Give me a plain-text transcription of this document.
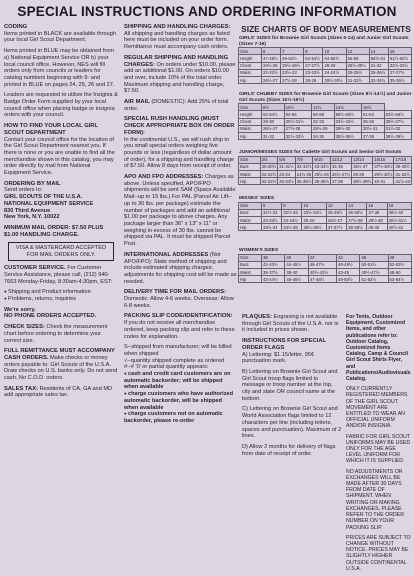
SPECIAL INSTRUCTIONS AND ORDERING INFORMATION
CODING

Items printed in BLACK are available through your local Girl Scout Department.

Items printed in BLUE may be obtained from a) National Equipment Service OR b) your local council office. However, NES will fill orders only from councils or leaders for catalog numbers beginning with 9- and printed in BLUE on pages 24, 25, 26 and 27.

Leaders are requested to utilize the Insignia & Badge Order Form supplied by your local council office when placing badge or insignia orders with your council.

HOW TO FIND YOUR LOCAL GIRL SCOUT DEPARTMENT

Contact your council office for the location of the Girl Scout Department nearest you. If there is none or you are unable to find all the merchandise shown in this catalog, you may order directly by mail from National Equipment Service.

ORDERING BY MAIL
Send orders to:
GIRL SCOUTS OF THE U.S.A.
NATIONAL EQUIPMENT SERVICE
830 Third Avenue

New York, N.Y. 10022

MINIMUM MAIL ORDER: $7.50 PLUS $1.00 HANDLING CHARGE.

VISA & MASTERCARD ACCEPTED FOR MAIL ORDERS ONLY.

CUSTOMER SERVICE. For Customer Service Assistance, please call, (212) 940-7663 Monday-Friday, 8:30am-4:30pm, EST:

● Shipping and Product information

● Problems, returns, inquiries

We're sorry,

NO PHONE ORDERS ACCEPTED.

CHECK SIZES: Check the measurement chart before ordering to determine your correct size.

FULL REMITTANCE MUST ACCOMPANY CASH ORDERS. Make checks or money orders payable to: Girl Scouts of the U.S.A. Draw checks on U.S. banks only. Do not send cash. No C.O.D. orders.

SALES TAX: Residents of CA, GA and MD add appropriate sales tax.

SHIPPING AND HANDLING CHARGES:

All shipping and handling charges as listed here must be included on your order form. Remittance must accompany cash orders.

REGULAR SHIPPING AND HANDLING CHARGES: On orders under $10.00, please add an additional $1.00. On orders $10.00 and over, include 10% of the total order. Maximum shipping and handling charge, $7.50.

AIR MAIL (DOMESTIC): Add 25% of total order.

SPECIAL RUSH HANDLING (MUST CHECK APPROPRIATE BOX ON ORDER FORM):

In the continental U.S., we will rush ship to you small special orders weighing five pounds or less (regardless of dollar amount of order), for a shipping and handling charge of $7.50. Allow 8 days from receipt of order.

APO AND FPO ADDRESSES: Charges as above. Unless specified, APO/FPO shipments will be sent SAM (Space Available Mail--up to 15 lbs.) For PAL (Parcel Air Lift--up to 30 lbs. per package) estimate the number of packages and add an additional $1.00 per package to above charges. Any package larger than 36" x 13" x 11" or weighing in excess of 30 lbs. cannot be shipped via PAL. It must be shipped Parcel Post.

INTERNATIONAL ADDRESSES (Not APO/FPO): State method of shipping and include estimated shipping charges; adjustments for shipping cost will be made as needed.

DELIVERY TIME FOR MAIL ORDERS:

Domestic: Allow 4-6 weeks. Overseas: Allow 6-8 weeks.

PACKING SLIP CODE/IDENTIFICATION:

If you do not receive all merchandise ordered, keep packing slip and refer to these codes for explanation.

S--shipped from manufacturer; will be billed when shipped
√--quantity shipped complete as ordered
#--# '0' or partial quantity appears:
● cash and credit card customers are on automatic backorder; will be shipped when available
● charge customers who have authorized automatic backorder, will be shipped when available
● charge customers not on automatic backorder, please re-order
SIZE CHARTS OF BODY MEASUREMENTS
GIRLS' SIZES for Brownie Girl Scouts (Sizes 6-14) and Junior Girl Scouts (Sizes 7-16)
Size	6	7	8	10	12	14	16
Height	47-48½	49-52½	52-54½	54-55½	56-58	58½-61	61½-62½
Chest	24½-25	25½-26½	27-27½	28-29	29½-30½	31-32	32½-33½
Waist	22-22½	23½-23	23-23½	24-24½	25-25½	25-26½	27-27½
Hip	26½-27	27½-28	28-29	29½-30½	31-32½	33-34½	35-36½
GIRLS' CHUBBY SIZES for Brownie Girl Scouts (Sizes 8½-14½) and Junior Girl Scouts (Sizes 10½-16½)
Size	8½	10½	12½	14½	16½	
Height	52-54½	54-56	56-58	58½-60½	61-63	63½-65½
Chest	29-30	30½-31½	32-33	33½-34½	35-36	36½-37½
Waist	26½-27	27½-28	28½-29	29½-30	30½-31	31½-32
Hip	31-32	32½-33½	34-35	35½-36½	37-38	38½-39½
JUNIOR/MISSES SIZES for Cadette Girl Scouts and Senior Girl Scouts
Size	3/4	5/6	7/8	9/10	11/12	13/14	15/16	17/18
Bust	30-30½	31-31½	32-32½	33-33½	34-35	35½-37	37½-38½	39-40½
Waist	22-22½	23-24	24½-25	25½-26	26½-27½	28-29	29½-30½	31-32½
Hip	32-32½	33-34½	35-35½	36-36½	37-38	38½-39½	40-41	41½-43
MISSES' SIZES
Size	6	8	10	12	14	16	18
Bust	31½-32	32½-33	33½-34½	35-35½	36-36½	37-38	38½-40
Waist	23-23½	24-24½	25-26	26½-27	27½-28	28½-30	30½-31½
Hip	33½-34	34½-35	35½-36½	37-37½	38-38½	39-40	40½-42
WOMEN'S SIZES
Size	38	40	42	44	46	48
Bust	42-43½	44-45½	46-47½	48-49½	50-51½	52-53½
Waist	35-37½	38-40	40½-42½	43-45	45½-47½	48-50
Hip	43-44½	45-46½	47-48½	49-50½	51-52½	53-54½

PLAQUES: Engraving is not available through Girl Scouts of the U.S.A. nor is it included in prices shown.

INSTRUCTIONS FOR SPECIAL ORDER FLAGS

A) Lettering: $1.15/letter, 95¢ punctuation mark.

B) Lettering on Brownie Girl Scout and Girl Scout troop flags limited to message or troop number at the top, city and state OR council name at the bottom.

C) Lettering on Brownie Girl Scout and World Association flags limited to 12 characters per line (including letters, spaces and punctuation). Maximum of 2 lines.

D) Allow 2 months for delivery of flags from date of receipt of order.

For Tents, Outdoor Equipment, Customized Items, and other publications refer to: Outdoor Catalog, Customized Items Catalog, Camp & Council Girl Scout Shirts Flyer, and Publications/Audiovisuals Catalog.

ONLY CURRENTLY REGISTERED MEMBERS OF THE GIRL SCOUT MOVEMENT ARE ENTITLED TO WEAR AN OFFICIAL UNIFORM AND/OR INSIGNIA.

FABRIC FOR GIRL SCOUT UNIFORMS MAY BE USED ONLY FOR THE AGE LEVEL UNIFORM FOR WHICH IT IS SUPPLIED.

NO ADJUSTMENTS OR EXCHANGES WILL BE MADE AFTER 30 DAYS FROM DATE OF SHIPMENT. WHEN WRITING OR MAKING EXCHANGES, PLEASE REFER TO THE ORDER NUMBER ON YOUR PACKING SLIP.

PRICES ARE SUBJECT TO CHANGE WITHOUT NOTICE. PRICES MAY BE SLIGHTLY HIGHER OUTSIDE CONTINENTAL U.S.A.
